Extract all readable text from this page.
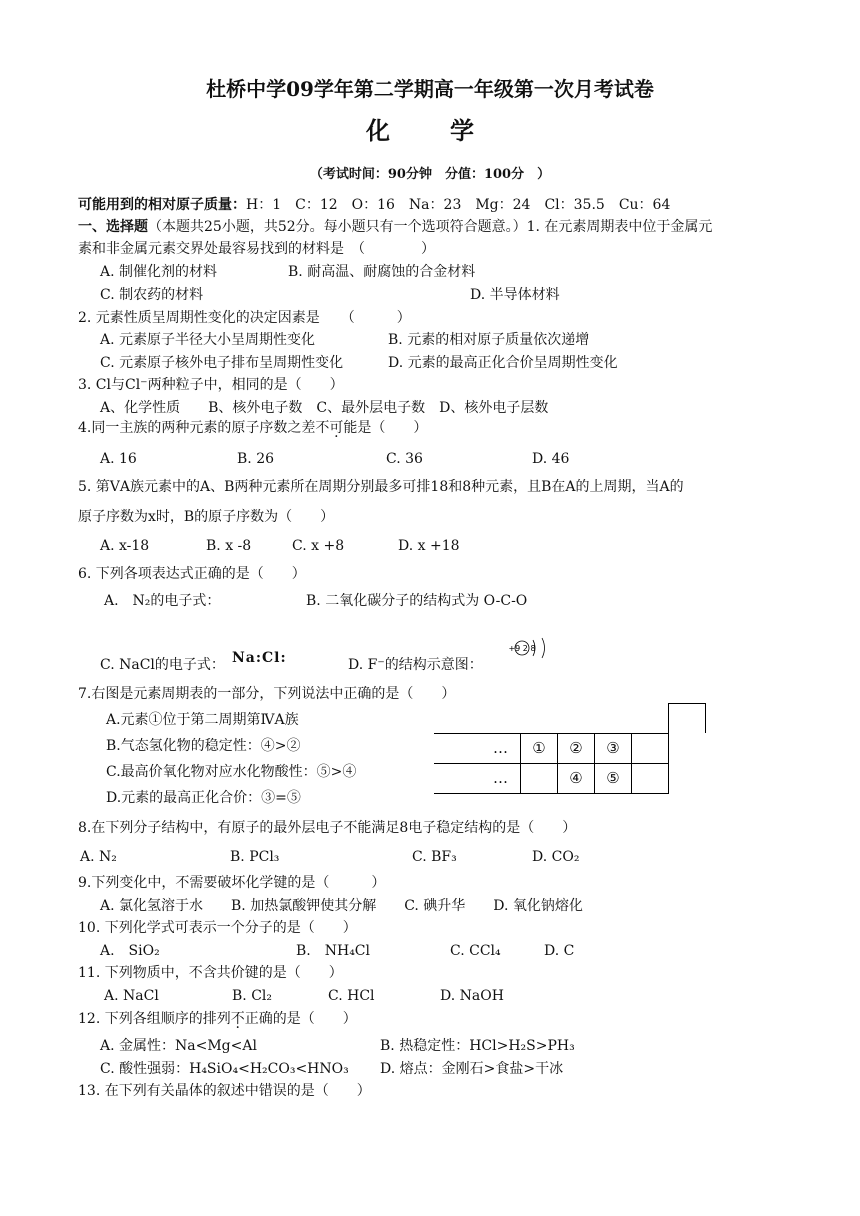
杜桥中学09学年第二学期高一年级第一次月考试卷
化学
（考试时间：90分钟　分值：100分　）
可能用到的相对原子质量：H：1　C：12　O：16　Na：23　Mg：24　Cl：35.5　Cu：64
一、选择题（本题共25小题，共52分。每小题只有一个选项符合题意。）1. 在元素周期表中位于金属元
素和非金属元素交界处最容易找到的材料是　（　　　　）
A. 制催化剂的材料	B. 耐高温、耐腐蚀的合金材料
C. 制农药的材料	D. 半导体材料
2. 元素性质呈周期性变化的决定因素是　　（　　　）
A. 元素原子半径大小呈周期性变化	B. 元素的相对原子质量依次递增
C. 元素原子核外电子排布呈周期性变化	D. 元素的最高正化合价呈周期性变化
3. Cl与Cl⁻两种粒子中，相同的是（　　）
A、化学性质　　B、核外电子数　C、最外层电子数　D、核外电子层数
4.同一主族的两种元素的原子序数之差不可能是（　　）
A. 16	B. 26	C. 36	D. 46
5. 第ⅤA族元素中的A、B两种元素所在周期分别最多可排18和8种元素，且B在A的上周期，当A的
原子序数为x时，B的原子序数为（　　）
A. x-18	B. x -8	C. x +8	D. x +18
6. 下列各项表达式正确的是（　　）
A.　N₂的电子式：	B. 二氧化碳分子的结构式为 O-C-O
C. NaCl的电子式： Na:Cl:	D. F⁻的结构示意图：
+9 2 8
7.右图是元素周期表的一部分，下列说法中正确的是（　　）
A.元素①位于第二周期第ⅣA族
B.气态氢化物的稳定性：④>②
C.最高价氧化物对应水化物酸性：⑤>④
D.元素的最高正化合价：③=⑤

…	①	②	③		
…		④	⑤		
8.在下列分子结构中，有原子的最外层电子不能满足8电子稳定结构的是（　　）
A. N₂	B. PCl₃	C. BF₃	D. CO₂
9.下列变化中，不需要破坏化学键的是（　　　）
A. 氯化氢溶于水　　B. 加热氯酸钾使其分解　　C. 碘升华　　D. 氧化钠熔化
10. 下列化学式可表示一个分子的是（　　）
A.　SiO₂	B.　NH₄Cl	C. CCl₄	D. C
11. 下列物质中，不含共价键的是（　　）
A. NaCl	B. Cl₂	C. HCl	D. NaOH
12. 下列各组顺序的排列不正确的是（　　）
A. 金属性：Na<Mg<Al	B. 热稳定性：HCl>H₂S>PH₃
C. 酸性强弱：H₄SiO₄<H₂CO₃<HNO₃ D. 熔点：金刚石>食盐>干冰
13. 在下列有关晶体的叙述中错误的是（　　）
